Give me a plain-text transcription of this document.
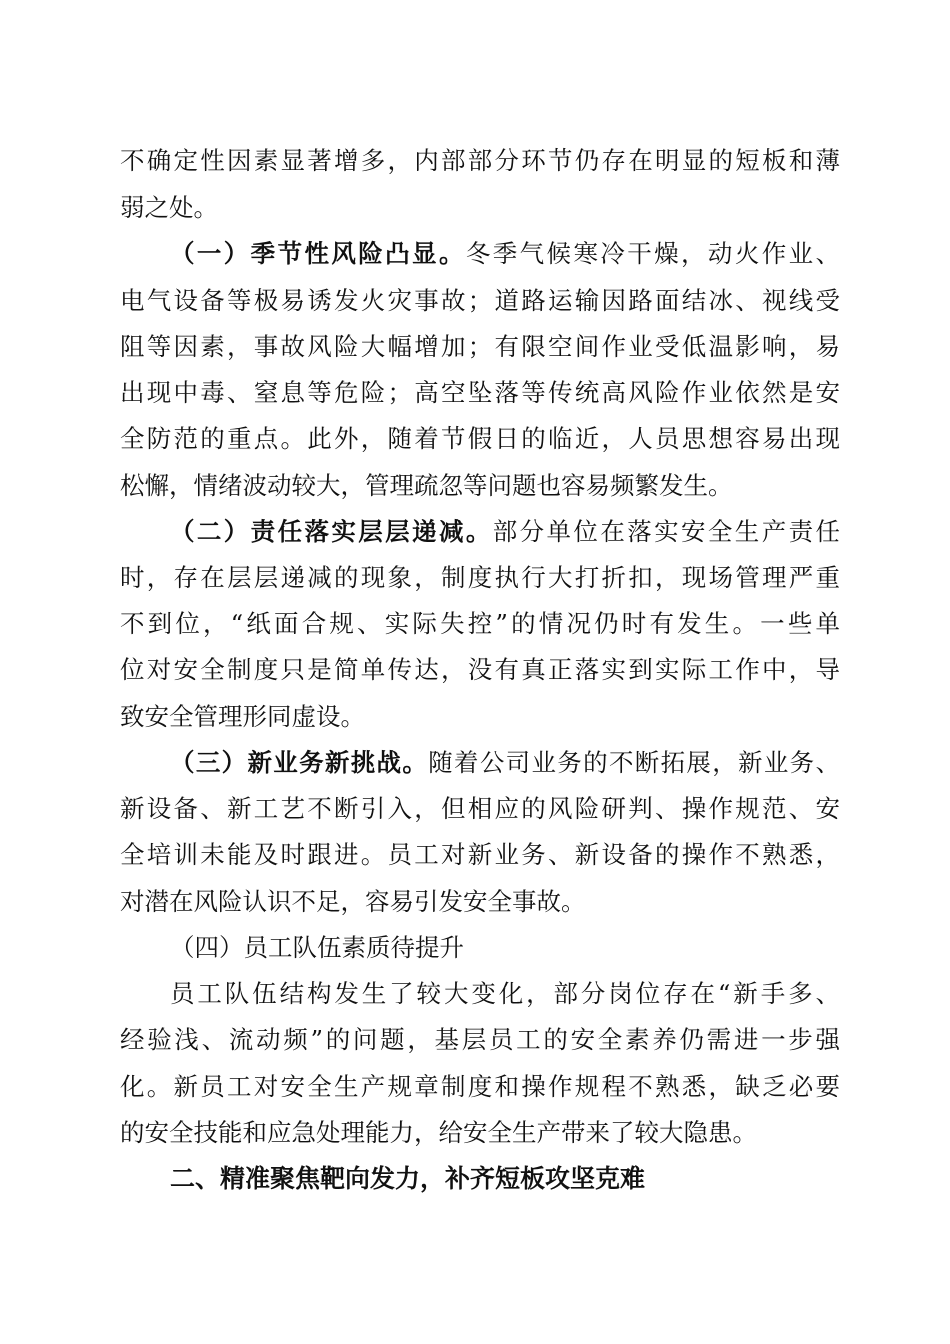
不确定性因素显著增多，内部部分环节仍存在明显的短板和薄
弱之处。
（一）季节性风险凸显。冬季气候寒冷干燥，动火作业、
电气设备等极易诱发火灾事故；道路运输因路面结冰、视线受
阻等因素，事故风险大幅增加；有限空间作业受低温影响，易
出现中毒、窒息等危险；高空坠落等传统高风险作业依然是安
全防范的重点。此外，随着节假日的临近，人员思想容易出现
松懈，情绪波动较大，管理疏忽等问题也容易频繁发生。
（二）责任落实层层递减。部分单位在落实安全生产责任
时，存在层层递减的现象，制度执行大打折扣，现场管理严重
不到位，“纸面合规、实际失控”的情况仍时有发生。一些单
位对安全制度只是简单传达，没有真正落实到实际工作中，导
致安全管理形同虚设。
（三）新业务新挑战。随着公司业务的不断拓展，新业务、
新设备、新工艺不断引入，但相应的风险研判、操作规范、安
全培训未能及时跟进。员工对新业务、新设备的操作不熟悉，
对潜在风险认识不足，容易引发安全事故。
（四）员工队伍素质待提升
员工队伍结构发生了较大变化，部分岗位存在“新手多、
经验浅、流动频”的问题，基层员工的安全素养仍需进一步强
化。新员工对安全生产规章制度和操作规程不熟悉，缺乏必要
的安全技能和应急处理能力，给安全生产带来了较大隐患。
二、精准聚焦靶向发力，补齐短板攻坚克难
